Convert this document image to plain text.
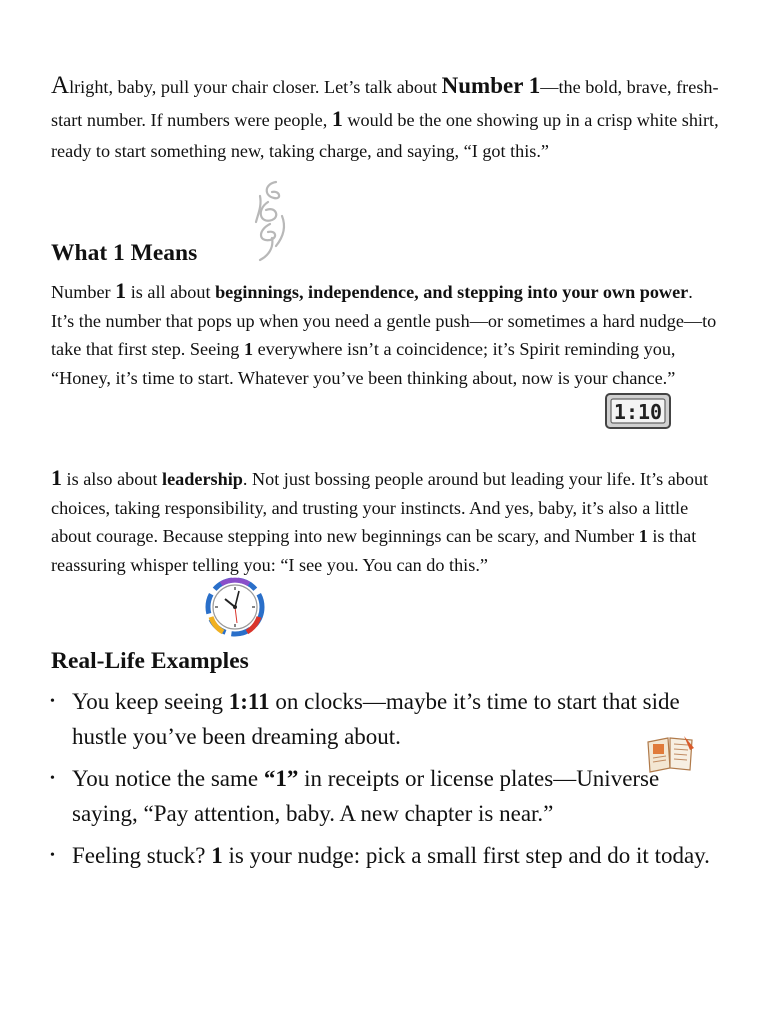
Alright, baby, pull your chair closer. Let’s talk about Number 1—the bold, brave, fresh-start number. If numbers were people, 1 would be the one showing up in a crisp white shirt, ready to start something new, taking charge, and saying, “I got this.”

What 1 Means

Number 1 is all about beginnings, independence, and stepping into your own power. It’s the number that pops up when you need a gentle push—or sometimes a hard nudge—to take that first step. Seeing 1 everywhere isn’t a coincidence; it’s Spirit reminding you, “Honey, it’s time to start. Whatever you’ve been thinking about, now is your chance.”

1:10

1 is also about leadership. Not just bossing people around but leading your life. It’s about choices, taking responsibility, and trusting your instincts. And yes, baby, it’s also a little about courage. Because stepping into new beginnings can be scary, and Number 1 is that reassuring whisper telling you: “I see you. You can do this.”

Real-Life Examples
• You keep seeing 1:11 on clocks—maybe it’s time to start that side hustle you’ve been dreaming about.
• You notice the same “1” in receipts or license plates—Universe saying, “Pay attention, baby. A new chapter is near.”
• Feeling stuck? 1 is your nudge: pick a small first step and do it today.
